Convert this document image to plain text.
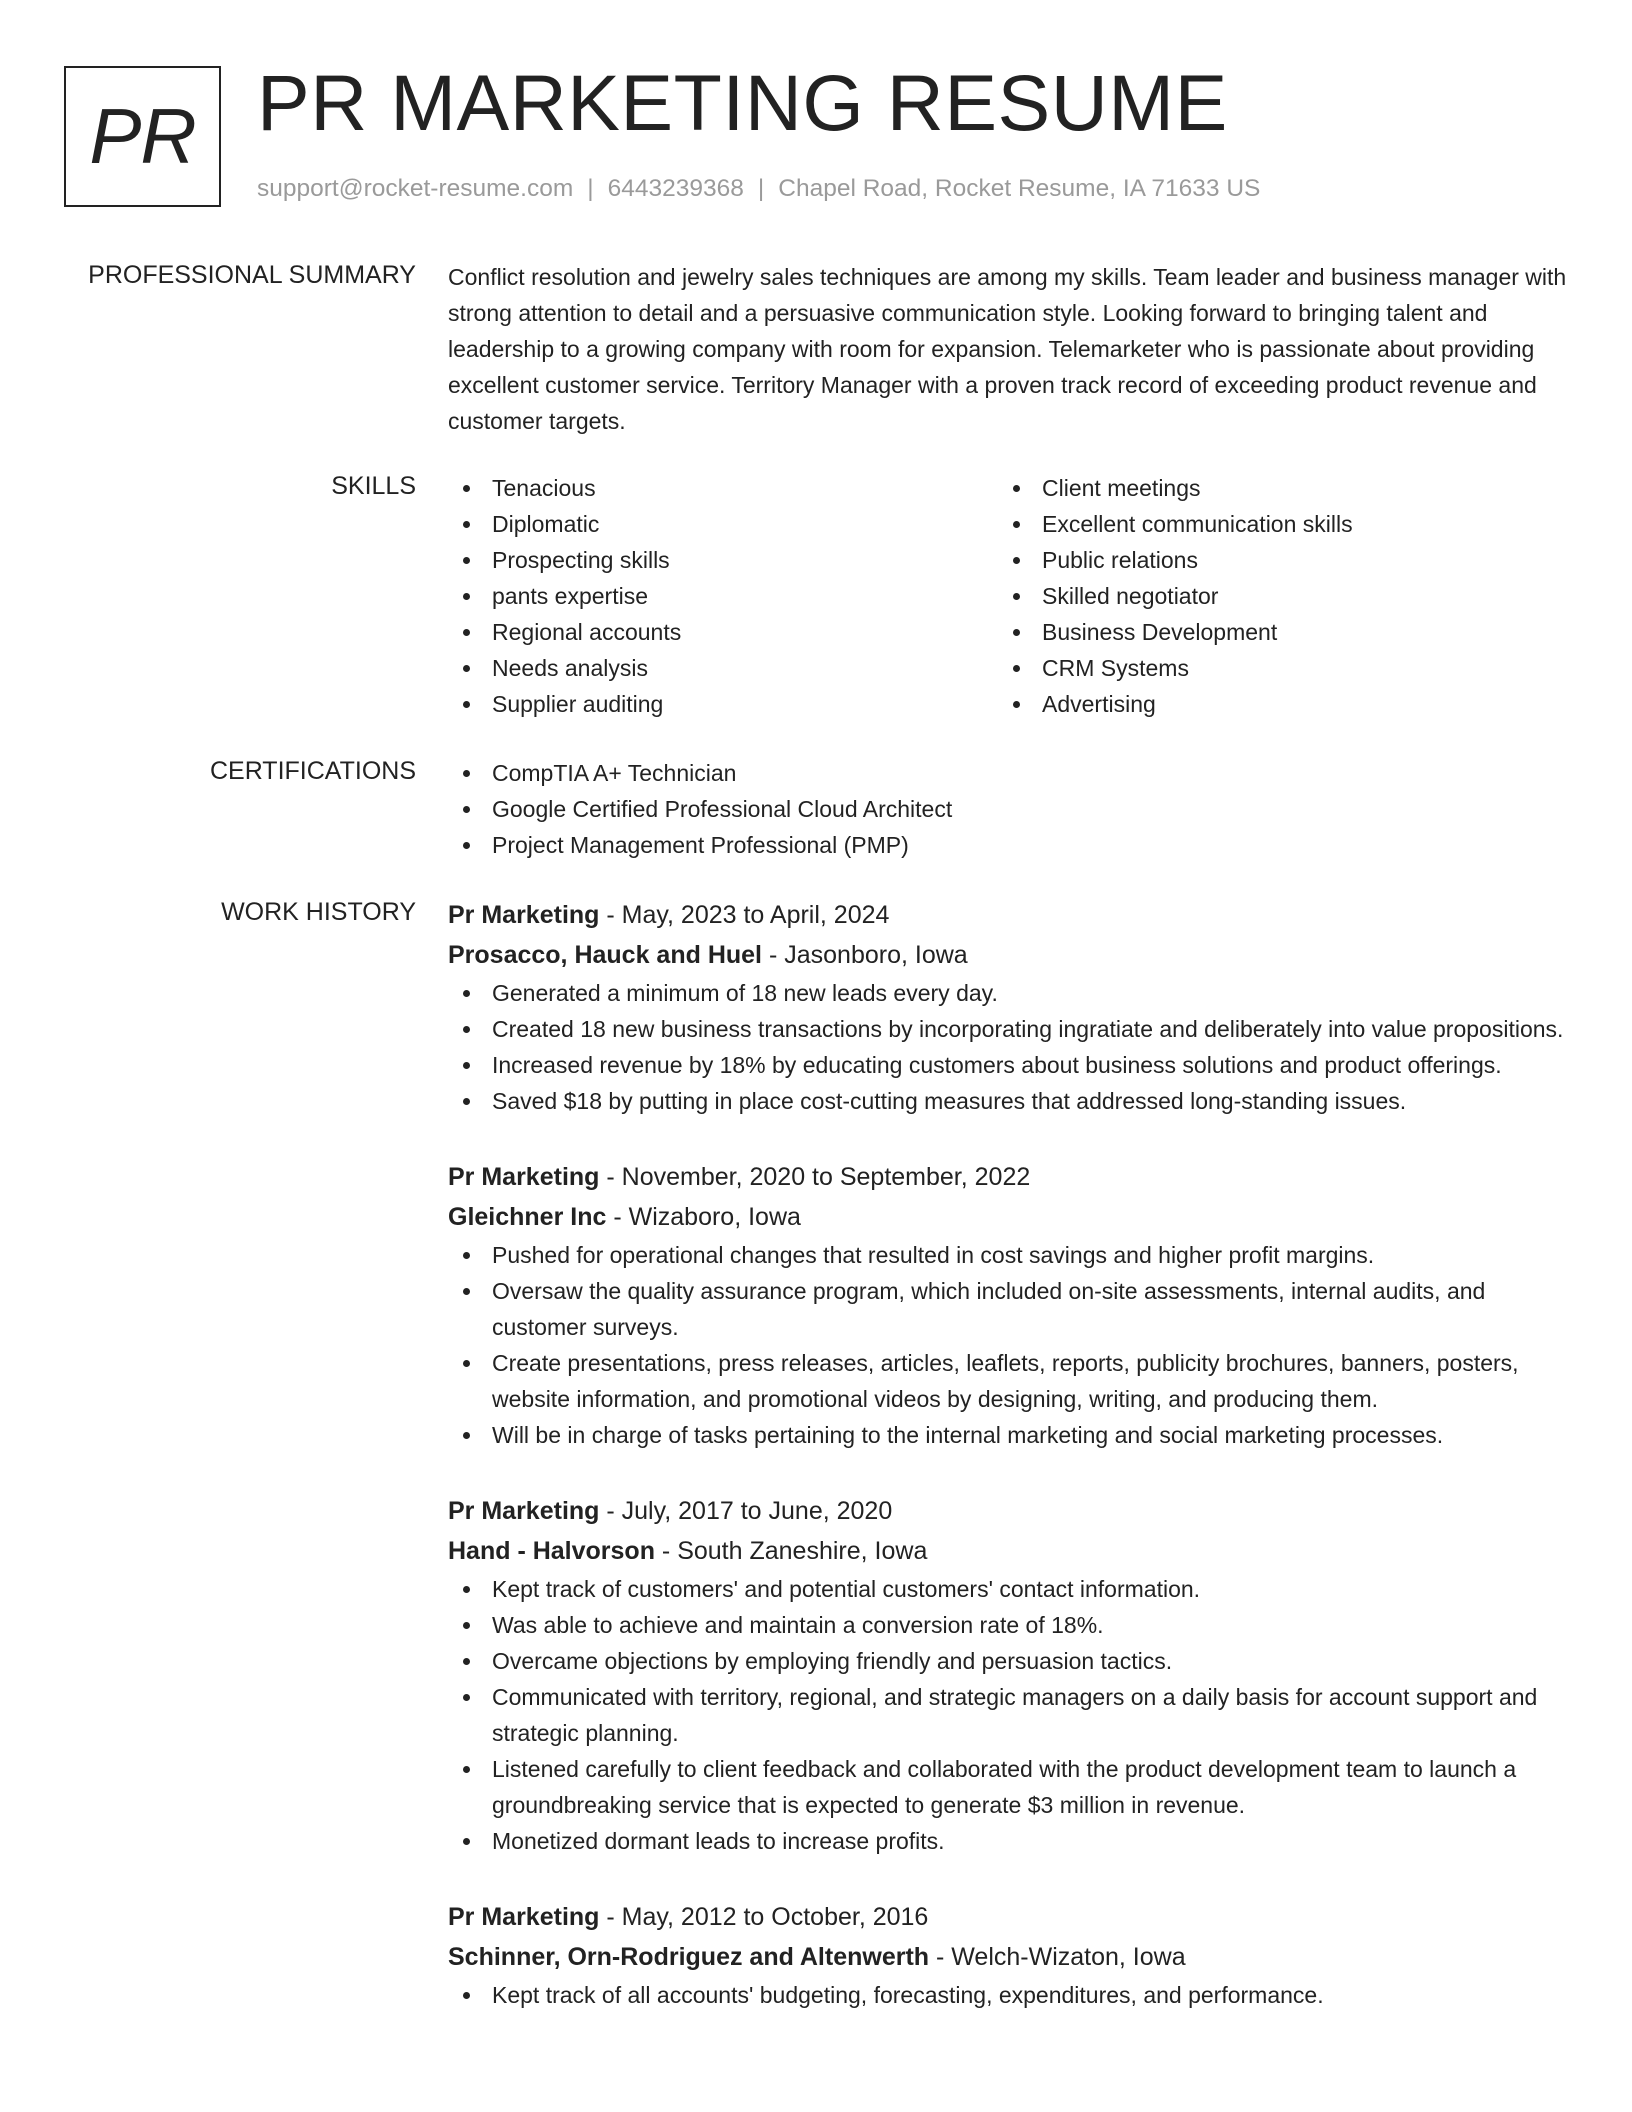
PR PR MARKETING RESUME
support@rocket-resume.com | 6443239368 | Chapel Road, Rocket Resume, IA 71633 US
PROFESSIONAL SUMMARY Conflict resolution and jewelry sales techniques are among my skills. Team leader and business manager with strong attention to detail and a persuasive communication style. Looking forward to bringing talent and leadership to a growing company with room for expansion. Telemarketer who is passionate about providing excellent customer service. Territory Manager with a proven track record of exceeding product revenue and customer targets.

SKILLS	Tenacious
Diplomatic
Prospecting skills
pants expertise
Regional accounts
Needs analysis
Supplier auditing
Client meetings
Excellent communication skills
Public relations
Skilled negotiator
Business Development
CRM Systems
Advertising
CERTIFICATIONS	CompTIA A+ Technician
Google Certified Professional Cloud Architect
Project Management Professional (PMP)
WORK HISTORY Pr Marketing - May, 2023 to April, 2024
Prosacco, Hauck and Huel - Jasonboro, Iowa
Generated a minimum of 18 new leads every day.
Created 18 new business transactions by incorporating ingratiate and deliberately into value propositions.
Increased revenue by 18% by educating customers about business solutions and product offerings.
Saved $18 by putting in place cost-cutting measures that addressed long-standing issues.
Pr Marketing - November, 2020 to September, 2022
Gleichner Inc - Wizaboro, Iowa
Pushed for operational changes that resulted in cost savings and higher profit margins.
Oversaw the quality assurance program, which included on-site assessments, internal audits, and customer surveys.
Create presentations, press releases, articles, leaflets, reports, publicity brochures, banners, posters, website information, and promotional videos by designing, writing, and producing them.
Will be in charge of tasks pertaining to the internal marketing and social marketing processes.
Pr Marketing - July, 2017 to June, 2020
Hand - Halvorson - South Zaneshire, Iowa
Kept track of customers' and potential customers' contact information.
Was able to achieve and maintain a conversion rate of 18%.
Overcame objections by employing friendly and persuasion tactics.
Communicated with territory, regional, and strategic managers on a daily basis for account support and strategic planning.
Listened carefully to client feedback and collaborated with the product development team to launch a groundbreaking service that is expected to generate $3 million in revenue.
Monetized dormant leads to increase profits.
Pr Marketing - May, 2012 to October, 2016
Schinner, Orn-Rodriguez and Altenwerth - Welch-Wizaton, Iowa
Kept track of all accounts' budgeting, forecasting, expenditures, and performance.
